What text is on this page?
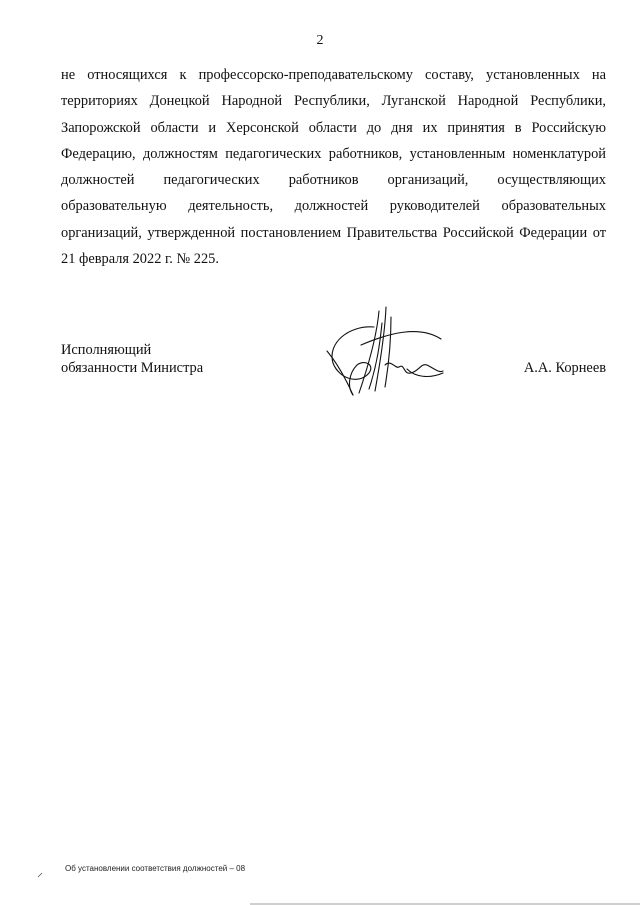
2

не относящихся к профессорско-преподавательскому составу, установленных на территориях Донецкой Народной Республики, Луганской Народной Республики, Запорожской области и Херсонской области до дня их принятия в Российскую Федерацию, должностям педагогических работников, установленным номенклатурой должностей педагогических работников организаций, осуществляющих образовательную деятельность, должностей руководителей образовательных организаций, утвержденной постановлением Правительства Российской Федерации от 21 февраля 2022 г. № 225.

Исполняющий
обязанности Министра	А.А. Корнеев
Об установлении соответствия должностей – 08
